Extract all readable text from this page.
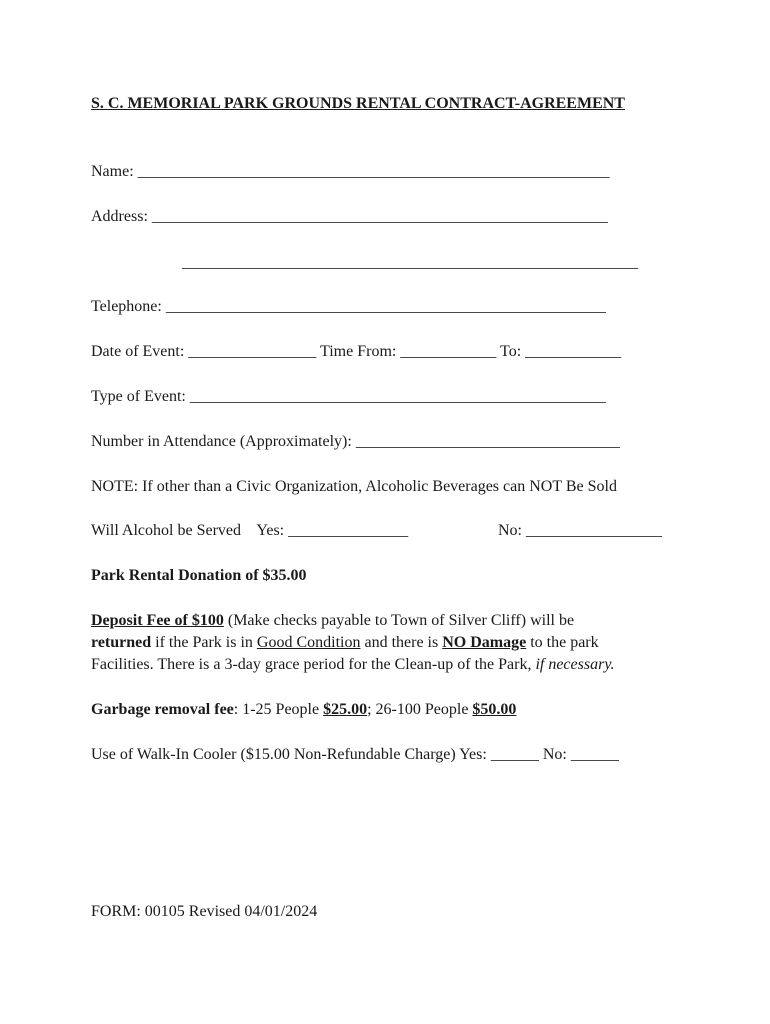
S. C. MEMORIAL PARK GROUNDS RENTAL CONTRACT-AGREEMENT
Name: ___________________________________________________________
Address: _________________________________________________________
_________________________________________________________
Telephone: _______________________________________________________
Date of Event: ________________ Time From: ____________ To: ____________
Type of Event: ____________________________________________________
Number in Attendance (Approximately): _________________________________
NOTE: If other than a Civic Organization, Alcoholic Beverages can NOT Be Sold
Will Alcohol be Served    Yes: _______________	No: _________________
Park Rental Donation of $35.00
Deposit Fee of $100 (Make checks payable to Town of Silver Cliff) will be
returned if the Park is in Good Condition and there is NO Damage to the park
Facilities. There is a 3-day grace period for the Clean-up of the Park, if necessary.
Garbage removal fee: 1-25 People $25.00; 26-100 People $50.00
Use of Walk-In Cooler ($15.00 Non-Refundable Charge) Yes: ______ No: ______
FORM: 00105 Revised 04/01/2024
